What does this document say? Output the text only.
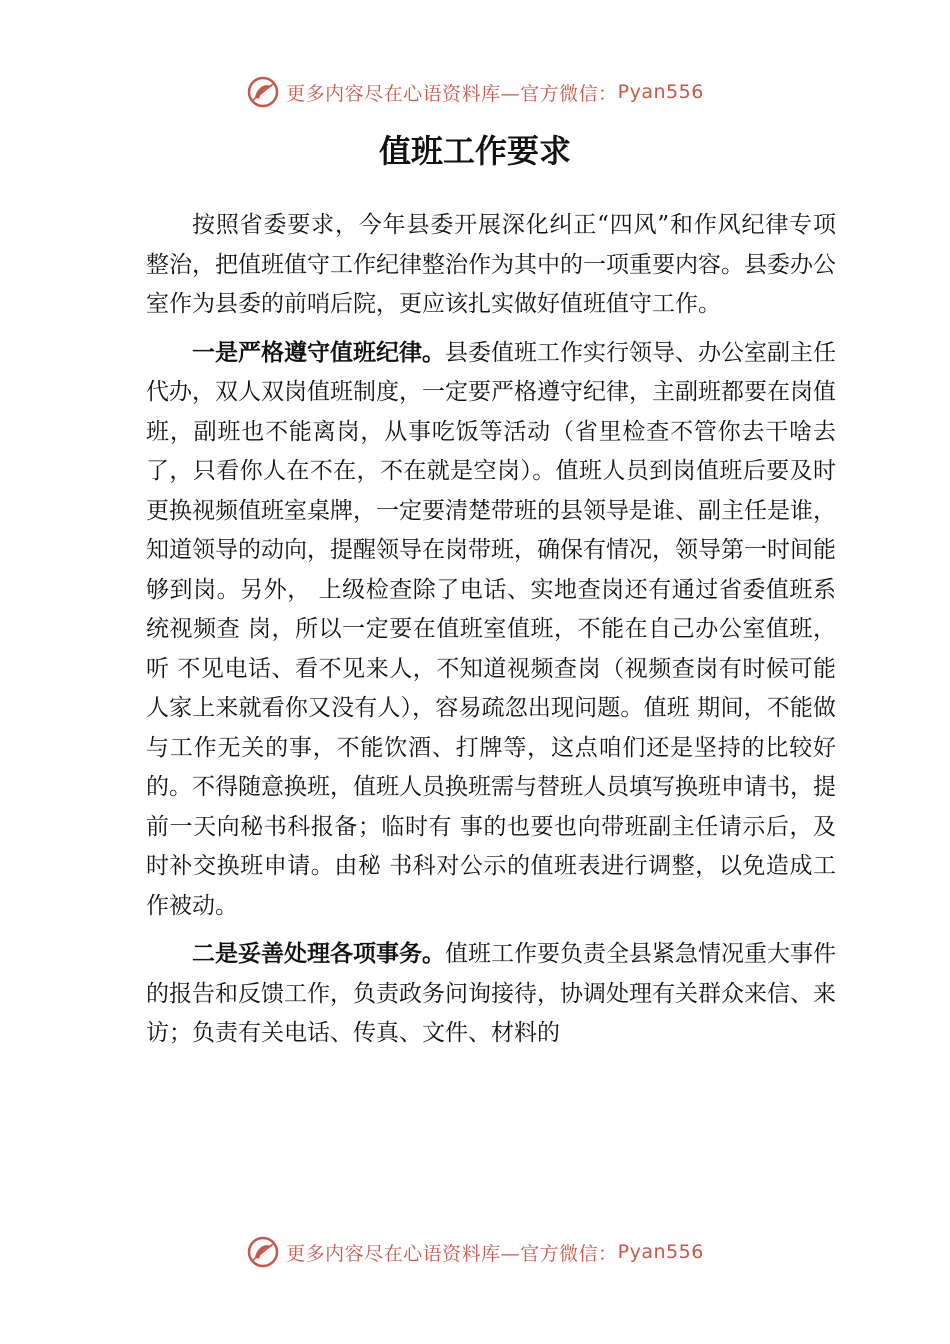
更多内容尽在心语资料库—官方微信： Pyan556
值班工作要求

按照省委要求，今年县委开展深化纠正“四风”和作风纪律专项整治，把值班值守工作纪律整治作为其中的一项重要内容。县委办公室作为县委的前哨后院，更应该扎实做好值班值守工作。

一是严格遵守值班纪律。县委值班工作实行领导、办公室副主任代办，双人双岗值班制度，一定要严格遵守纪律，主副班都要在岗值班，副班也不能离岗，从事吃饭等活动（省里检查不管你去干啥去了，只看你人在不在，不在就是空岗）。值班人员到岗值班后要及时更换视频值班室桌牌，一定要清楚带班的县领导是谁、副主任是谁，知道领导的动向，提醒领导在岗带班，确保有情况，领导第一时间能够到岗。另外， 上级检查除了电话、实地查岗还有通过省委值班系统视频查 岗，所以一定要在值班室值班，不能在自己办公室值班，听 不见电话、看不见来人，不知道视频查岗（视频查岗有时候可能人家上来就看你又没有人），容易疏忽出现问题。值班 期间，不能做与工作无关的事，不能饮酒、打牌等，这点咱们还是坚持的比较好的。不得随意换班，值班人员换班需与替班人员填写换班申请书，提前一天向秘书科报备；临时有 事的也要也向带班副主任请示后，及时补交换班申请。由秘 书科对公示的值班表进行调整，以免造成工作被动。

二是妥善处理各项事务。值班工作要负责全县紧急情况重大事件的报告和反馈工作，负责政务问询接待，协调处理有关群众来信、来访；负责有关电话、传真、文件、材料的

更多内容尽在心语资料库—官方微信： Pyan556
